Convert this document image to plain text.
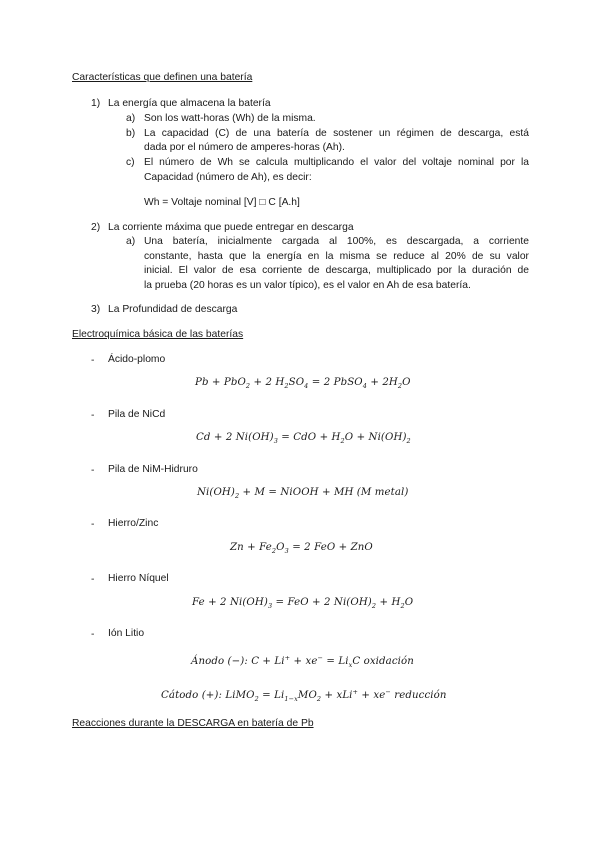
Características que definen una batería
1) La energía que almacena la batería
a) Son los watt-horas (Wh) de la misma.
b) La capacidad (C) de una batería de sostener un régimen de descarga, está
dada por el número de amperes-horas (Ah).
c) El número de Wh se calcula multiplicando el valor del voltaje nominal por la
Capacidad (número de Ah), es decir:
Wh = Voltaje nominal [V] □ C [A.h]
2) La corriente máxima que puede entregar en descarga
a) Una batería, inicialmente cargada al 100%, es descargada, a corriente
constante, hasta que la energía en la misma se reduce al 20% de su valor
inicial. El valor de esa corriente de descarga, multiplicado por la duración de
la prueba (20 horas es un valor típico), es el valor en Ah de esa batería.
3) La Profundidad de descarga
Electroquímica básica de las baterías
- Ácido-plomo
Pb + PbO$_2$ + 2 $H_2SO_4 = 2$ PbSO$_4$ + $2H_2O$
- Pila de NiCd
Cd + 2 $Ni(OH)_3$ = CdO + $H_2O + Ni(OH)_2$
- Pila de NiM-Hidruro
$Ni(OH)_2 + M$ = NiOOH + MH (M metal)
- Hierro/Zinc
$Zn + Fe_2O_3 = 2$ FeO + ZnO
- Hierro Níquel
Fe + 2 $Ni(OH)_3$ = FeO + 2 $Ni(OH)_2 + H_2O$
- Ión Litio
Ánodo (−): $C + Li^+ + xe^- = Li_xC$ oxidación
Cátodo (+): LiMO$_2$ = $Li_{1-x}MO_2 + xLi^+ + xe^-$ reducción
Reacciones durante la DESCARGA en batería de Pb
